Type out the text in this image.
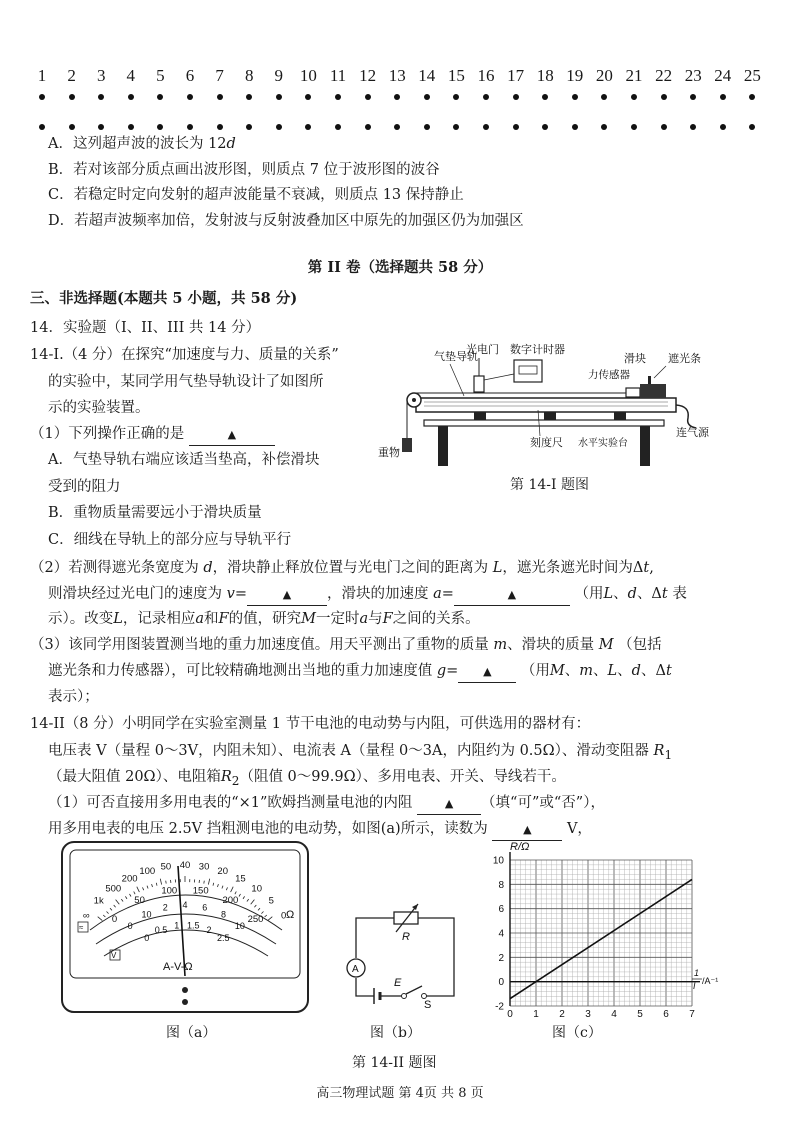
1 2 3 4 5 6 7 8 9 10 11 12 13 14 15 16 17 18 19 20 21 22 23 24 25
A．这列超声波的波长为 12d
B．若对该部分质点画出波形图，则质点 7 位于波形图的波谷
C．若稳定时定向发射的超声波能量不衰减，则质点 13 保持静止
D．若超声波频率加倍，发射波与反射波叠加区中原先的加强区仍为加强区
第 II 卷（选择题共 58 分）
三、非选择题(本题共 5 小题，共 58 分)
14．实验题（I、II、III 共 14 分）
14-I.（4 分）在探究“加速度与力、质量的关系”
的实验中，某同学用气垫导轨设计了如图所
示的实验装置。
（1）下列操作正确的是	▲
A．气垫导轨右端应该适当垫高，补偿滑块
受到的阻力
B．重物质量需要远小于滑块质量
C．细线在导轨上的部分应与导轨平行
气垫导轨
光电门 数字计时器
力传感器
滑块 遮光条
重物
刻度尺 水平实验台
连气源
第 14-I 题图
（2）若测得遮光条宽度为 d，滑块静止释放位置与光电门之间的距离为 L，遮光条遮光时间为Δt,
则滑块经过光电门的速度为 v=	▲ ，滑块的加速度 a=	▲	（用L、d、Δt 表
示）。改变L，记录相应a和F的值，研究M一定时a与F之间的关系。
（3）该同学用图装置测当地的重力加速度值。用天平测出了重物的质量 m、滑块的质量 M （包括
遮光条和力传感器），可比较精确地测出当地的重力加速度值 g= ▲ （用M、m、L、d、Δt
表示）；
14-II（8 分）小明同学在实验室测量 1 节干电池的电动势与内阻，可供选用的器材有：
电压表 V（量程 0～3V，内阻未知）、电流表 A（量程 0～3A，内阻约为 0.5Ω）、滑动变阻器 $R_1$
（最大阻值 20Ω）、电阻箱$R_2$（阻值 0～99.9Ω）、多用电表、开关、导线若干。
（1）可否直接用多用电表的“×1”欧姆挡测量电池的内阻	▲ （填“可”或“否”），
用多用电表的电压 2.5V 挡粗测电池的电动势，如图(a)所示，读数为	▲ V，
∞
1k
500
200
100 50 40 30 20
15
10
5
0
0
50
100 150
200
250
0
10
2 4 6
8
10
0
0.5 1 1.5 2
2.5
Ω
≈
V
A-V-Ω	A
R
E
S
R/Ω
10
8
6
4
2
0
-2
0 1 2 3 4 5 6 7
1
I /A⁻¹
图（a）	图（b）	图（c）
第 14-II 题图
高三物理试题 第 4页 共 8 页
